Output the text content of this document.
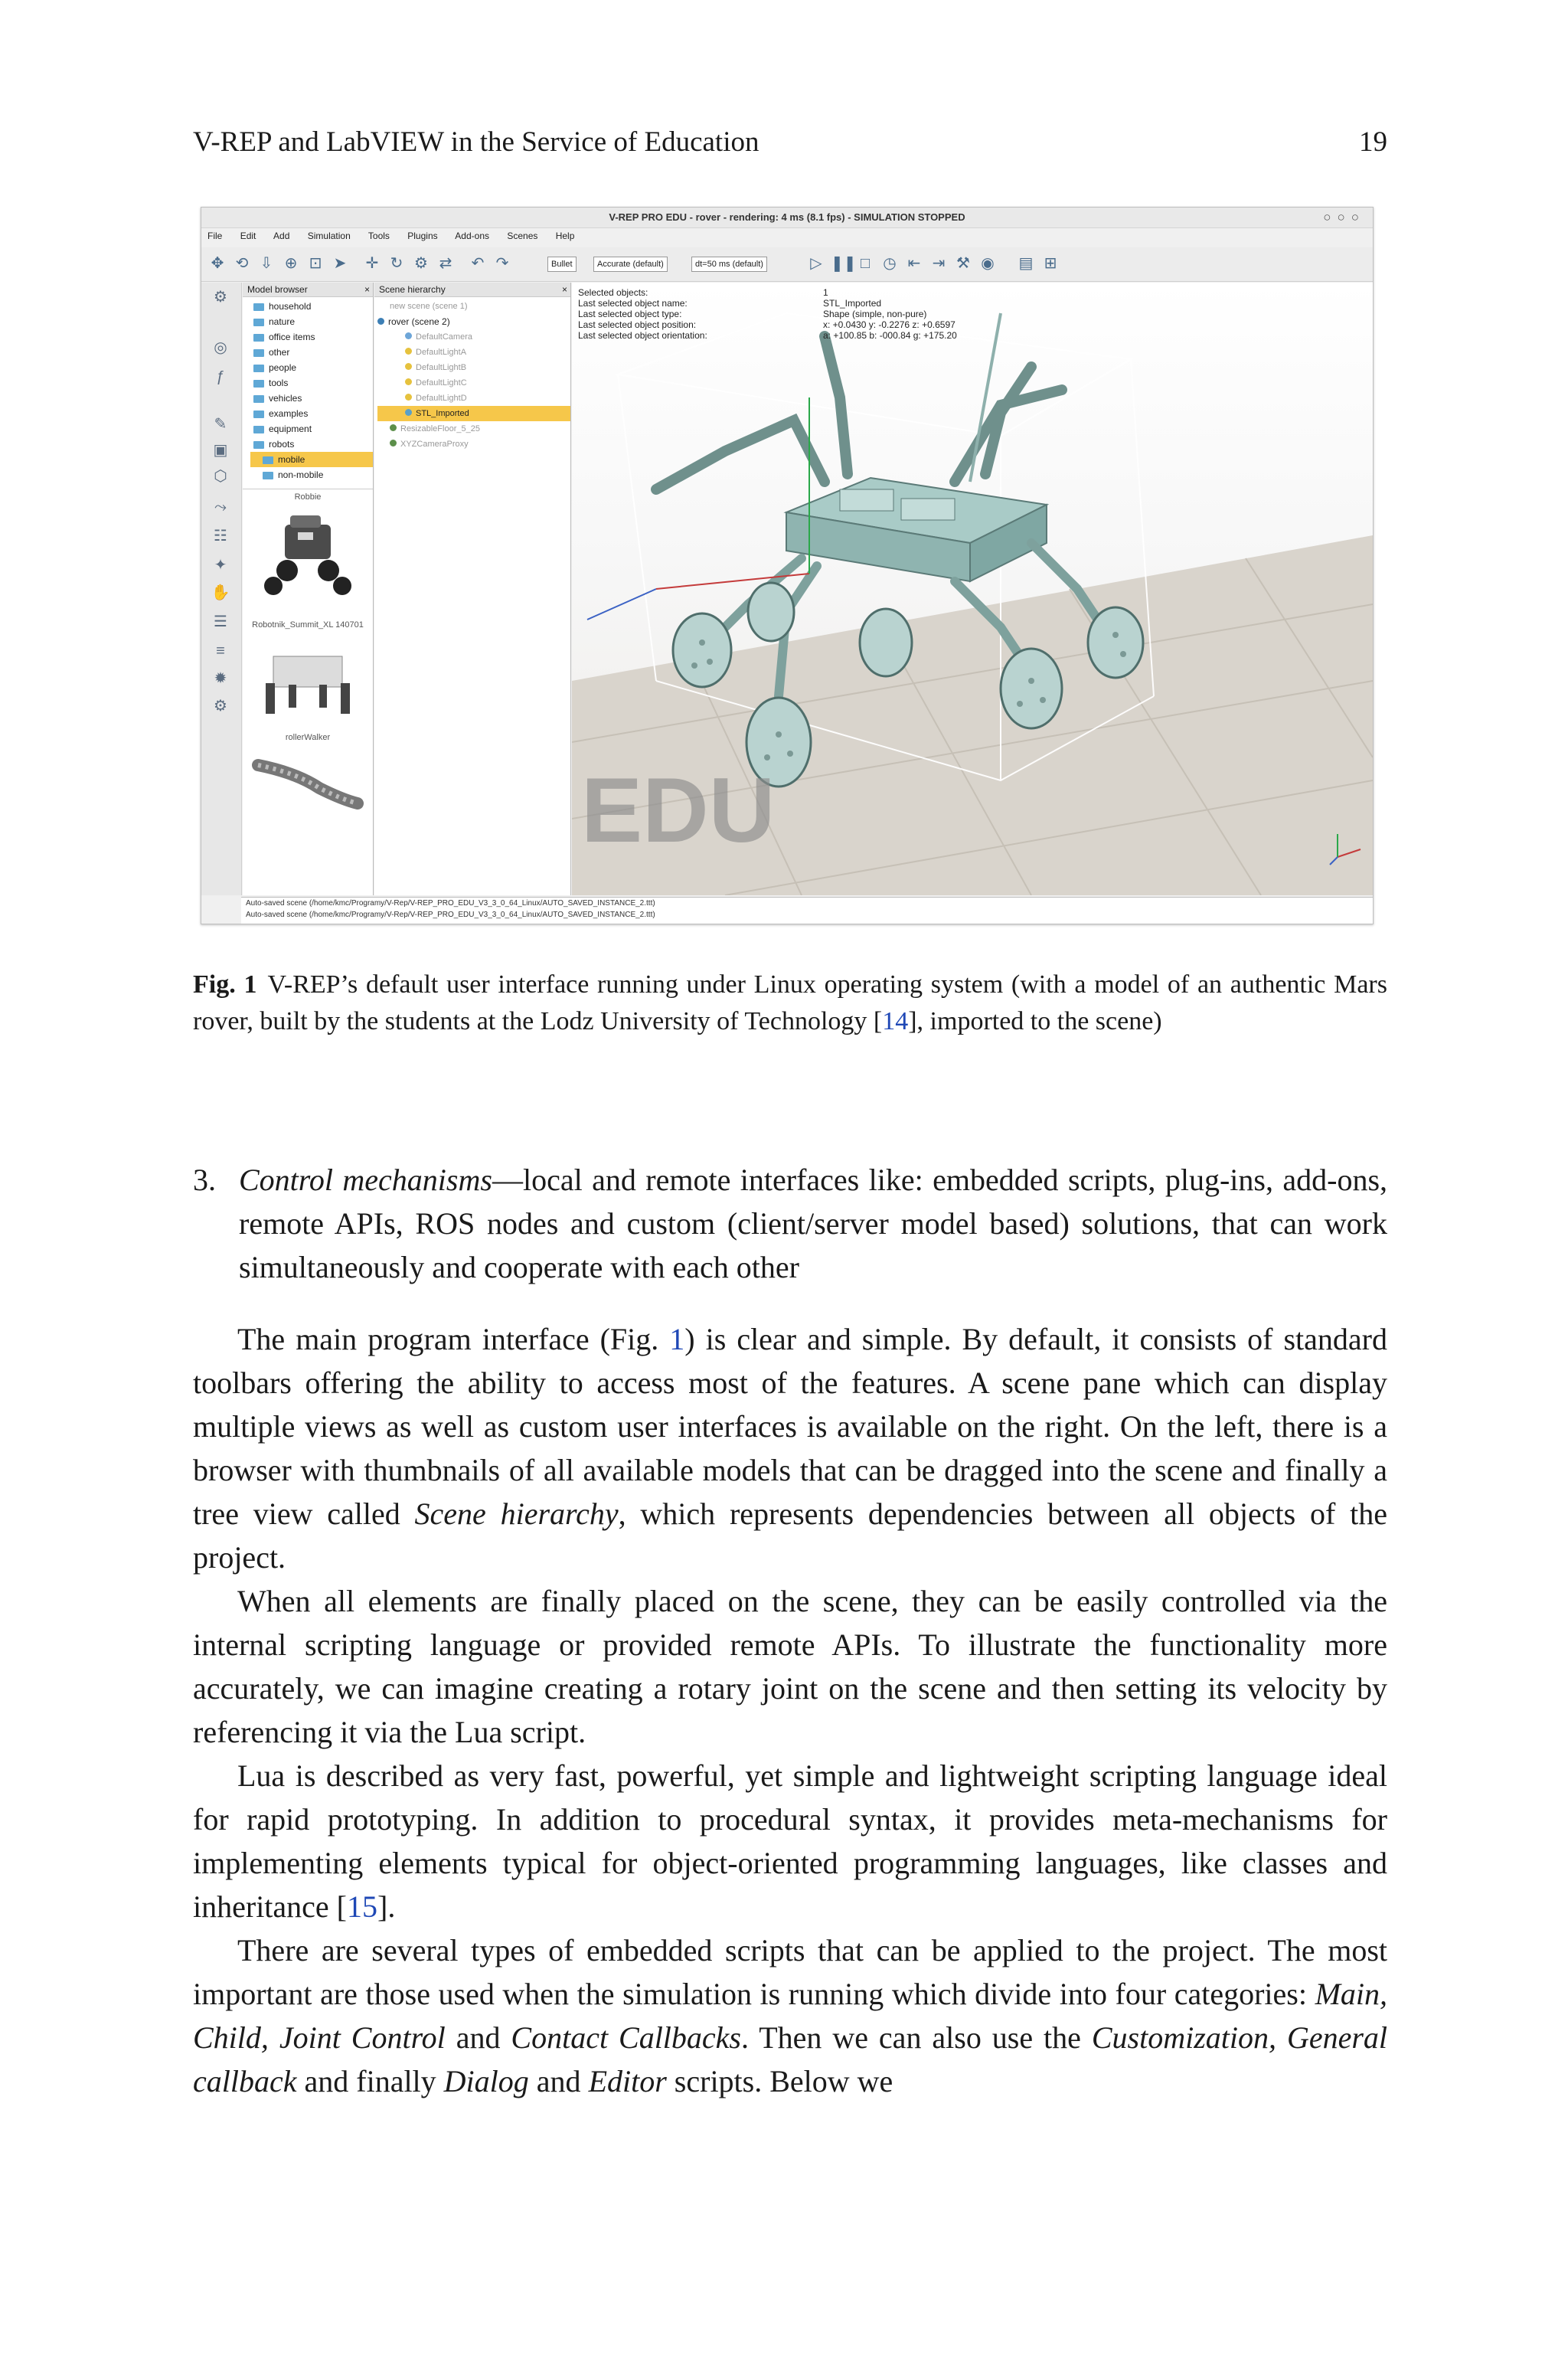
V-REP and LabVIEW in the Service of Education	19
V-REP PRO EDU - rover - rendering: 4 ms (8.1 fps) - SIMULATION STOPPED	○○○
File Edit Add Simulation Tools Plugins Add-ons Scenes Help
✥ ⟲ ⇩ ⊕ ⊡ ➤ ✛ ↻ ⚙ ⇄ ↶ ↷	Bullet	Accurate (default)	dt=50 ms (default)	▷ ❚❚ □ ◷ ⇤ ⇥ ⚒ ◉ ▤ ⊞
⚙
◎
ƒ
✎
▣
⬡
⤳
☷
✦
✋
☰
≡
✹
⚙
Model browser	×
household
nature
office items
other
people
tools
vehicles
examples
equipment
robots
mobile
non-mobile
Robbie
Robotnik_Summit_XL 140701
rollerWalker
Scene hierarchy	×
new scene (scene 1)
rover (scene 2)
DefaultCamera
DefaultLightA
DefaultLightB
DefaultLightC
DefaultLightD
STL_Imported
ResizableFloor_5_25
XYZCameraProxy
Selected objects:	1
Last selected object name:	STL_Imported
Last selected object type:	Shape (simple, non-pure)
Last selected object position:	x: +0.0430 y: -0.2276 z: +0.6597
Last selected object orientation:	a: +100.85 b: -000.84 g: +175.20
EDU
Auto-saved scene (/home/kmc/Programy/V-Rep/V-REP_PRO_EDU_V3_3_0_64_Linux/AUTO_SAVED_INSTANCE_2.ttt)
Auto-saved scene (/home/kmc/Programy/V-Rep/V-REP_PRO_EDU_V3_3_0_64_Linux/AUTO_SAVED_INSTANCE_2.ttt)
Fig. 1 V-REP’s default user interface running under Linux operating system (with a model of an authentic Mars rover, built by the students at the Lodz University of Technology [14], imported to the scene)
3. Control mechanisms—local and remote interfaces like: embedded scripts, plug-ins, add-ons, remote APIs, ROS nodes and custom (client/server model based) solutions, that can work simultaneously and cooperate with each other

The main program interface (Fig. 1) is clear and simple. By default, it consists of standard toolbars offering the ability to access most of the features. A scene pane which can display multiple views as well as custom user interfaces is available on the right. On the left, there is a browser with thumbnails of all available models that can be dragged into the scene and finally a tree view called Scene hierarchy, which represents dependencies between all objects of the project.

When all elements are finally placed on the scene, they can be easily controlled via the internal scripting language or provided remote APIs. To illustrate the functionality more accurately, we can imagine creating a rotary joint on the scene and then setting its velocity by referencing it via the Lua script.

Lua is described as very fast, powerful, yet simple and lightweight scripting language ideal for rapid prototyping. In addition to procedural syntax, it provides meta-mechanisms for implementing elements typical for object-oriented programming languages, like classes and inheritance [15].

There are several types of embedded scripts that can be applied to the project. The most important are those used when the simulation is running which divide into four categories: Main, Child, Joint Control and Contact Callbacks. Then we can also use the Customization, General callback and finally Dialog and Editor scripts. Below we
